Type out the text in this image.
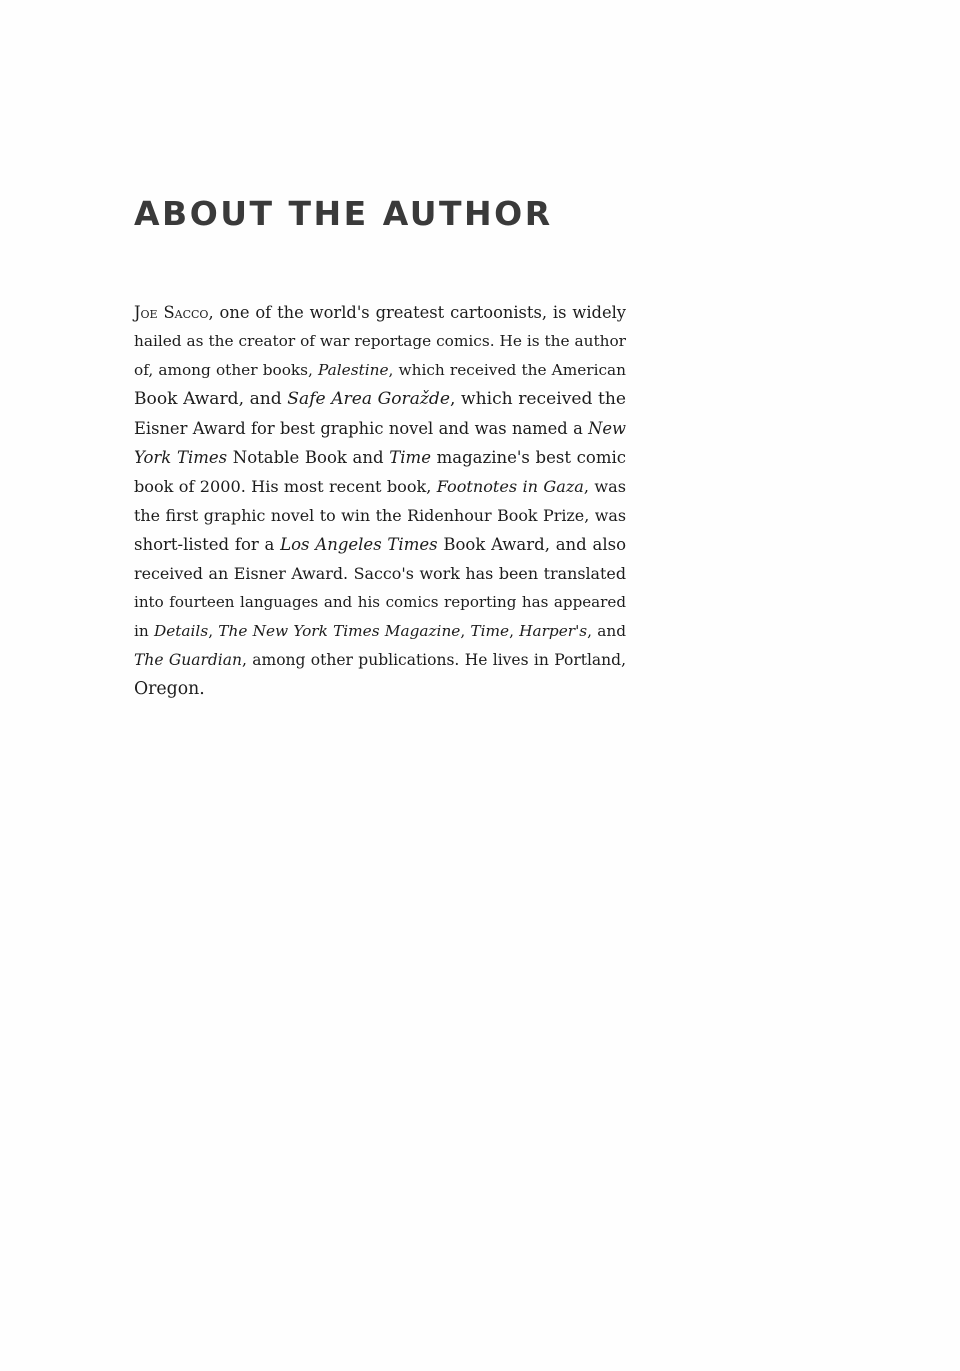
ABOUT THE AUTHOR
Joe Sacco, one of the world's greatest cartoonists, is widely
hailed as the creator of war reportage comics. He is the author
of, among other books, Palestine, which received the American
Book Award, and Safe Area Goražde, which received the
Eisner Award for best graphic novel and was named a New
York Times Notable Book and Time magazine's best comic
book of 2000. His most recent book, Footnotes in Gaza, was
the first graphic novel to win the Ridenhour Book Prize, was
short-listed for a Los Angeles Times Book Award, and also
received an Eisner Award. Sacco's work has been translated
into fourteen languages and his comics reporting has appeared
in Details, The New York Times Magazine, Time, Harper's, and
The Guardian, among other publications. He lives in Portland,
Oregon.
